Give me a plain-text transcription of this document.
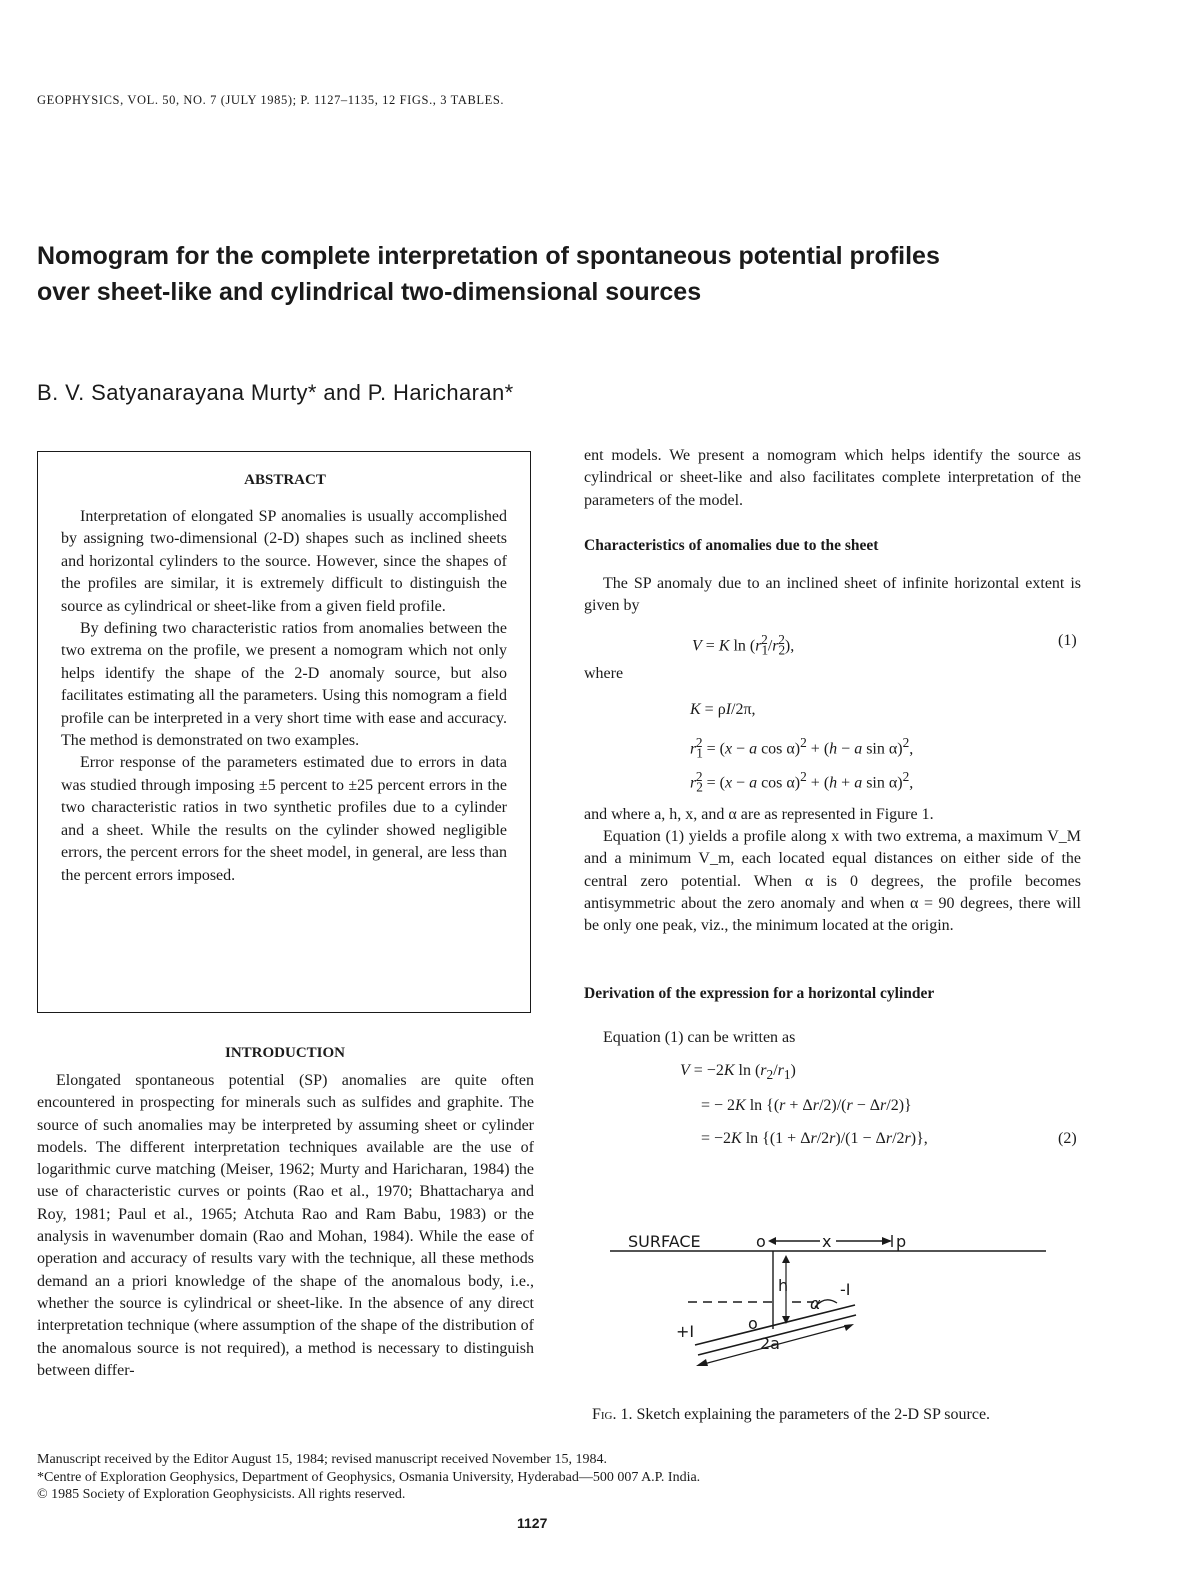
GEOPHYSICS, VOL. 50, NO. 7 (JULY 1985); P. 1127–1135, 12 FIGS., 3 TABLES.
Nomogram for the complete interpretation of spontaneous potential profiles
over sheet-like and cylindrical two-dimensional sources
B. V. Satyanarayana Murty* and P. Haricharan*
ABSTRACT

Interpretation of elongated SP anomalies is usually accomplished by assigning two-dimensional (2-D) shapes such as inclined sheets and horizontal cylinders to the source. However, since the shapes of the profiles are similar, it is extremely difficult to distinguish the source as cylindrical or sheet-like from a given field profile.

By defining two characteristic ratios from anomalies between the two extrema on the profile, we present a nomogram which not only helps identify the shape of the 2-D anomaly source, but also facilitates estimating all the parameters. Using this nomogram a field profile can be interpreted in a very short time with ease and accuracy. The method is demonstrated on two examples.

Error response of the parameters estimated due to errors in data was studied through imposing ±5 percent to ±25 percent errors in the two characteristic ratios in two synthetic profiles due to a cylinder and a sheet. While the results on the cylinder showed negligible errors, the percent errors for the sheet model, in general, are less than the percent errors imposed.

INTRODUCTION

Elongated spontaneous potential (SP) anomalies are quite often encountered in prospecting for minerals such as sulfides and graphite. The source of such anomalies may be interpreted by assuming sheet or cylinder models. The different interpretation techniques available are the use of logarithmic curve matching (Meiser, 1962; Murty and Haricharan, 1984) the use of characteristic curves or points (Rao et al., 1970; Bhattacharya and Roy, 1981; Paul et al., 1965; Atchuta Rao and Ram Babu, 1983) or the analysis in wavenumber domain (Rao and Mohan, 1984). While the ease of operation and accuracy of results vary with the technique, all these methods demand an a priori knowledge of the shape of the anomalous body, i.e., whether the source is cylindrical or sheet-like. In the absence of any direct interpretation technique (where assumption of the shape of the distribution of the anomalous source is not required), a method is necessary to distinguish between differ-

ent models. We present a nomogram which helps identify the source as cylindrical or sheet-like and also facilitates complete interpretation of the parameters of the model.

Characteristics of anomalies due to the sheet

The SP anomaly due to an inclined sheet of infinite horizontal extent is given by

V = K $\ln (r_1^2/r_2^2)$,	(1)
where
K = ρI/2π,
$r_1^2 = (x - a$ cos α)$^2$ + (h − a sin α)$^2$,
$r_2^2 = (x - a$ cos α)$^2$ + (h + a sin α)$^2$,

and where a, h, x, and α are as represented in Figure 1.

Equation (1) yields a profile along x with two extrema, a maximum V_M and a minimum V_m, each located equal distances on either side of the central zero potential. When α is 0 degrees, the profile becomes antisymmetric about the zero anomaly and when α = 90 degrees, there will be only one peak, viz., the minimum located at the origin.

Derivation of the expression for a horizontal cylinder

Equation (1) can be written as

V = −2K $\ln (r_2/r_1)$
= − 2K ln {(r + Δr/2)/(r − Δr/2)}
= −2K ln {(1 + Δr/2r)/(1 − Δr/2r)},	(2)
SURFACE	o	x	p
h
α
o
-I
+I
2a
Fig. 1. Sketch explaining the parameters of the 2-D SP source.
Manuscript received by the Editor August 15, 1984; revised manuscript received November 15, 1984.
*Centre of Exploration Geophysics, Department of Geophysics, Osmania University, Hyderabad—500 007 A.P. India.
© 1985 Society of Exploration Geophysicists. All rights reserved.
1127
